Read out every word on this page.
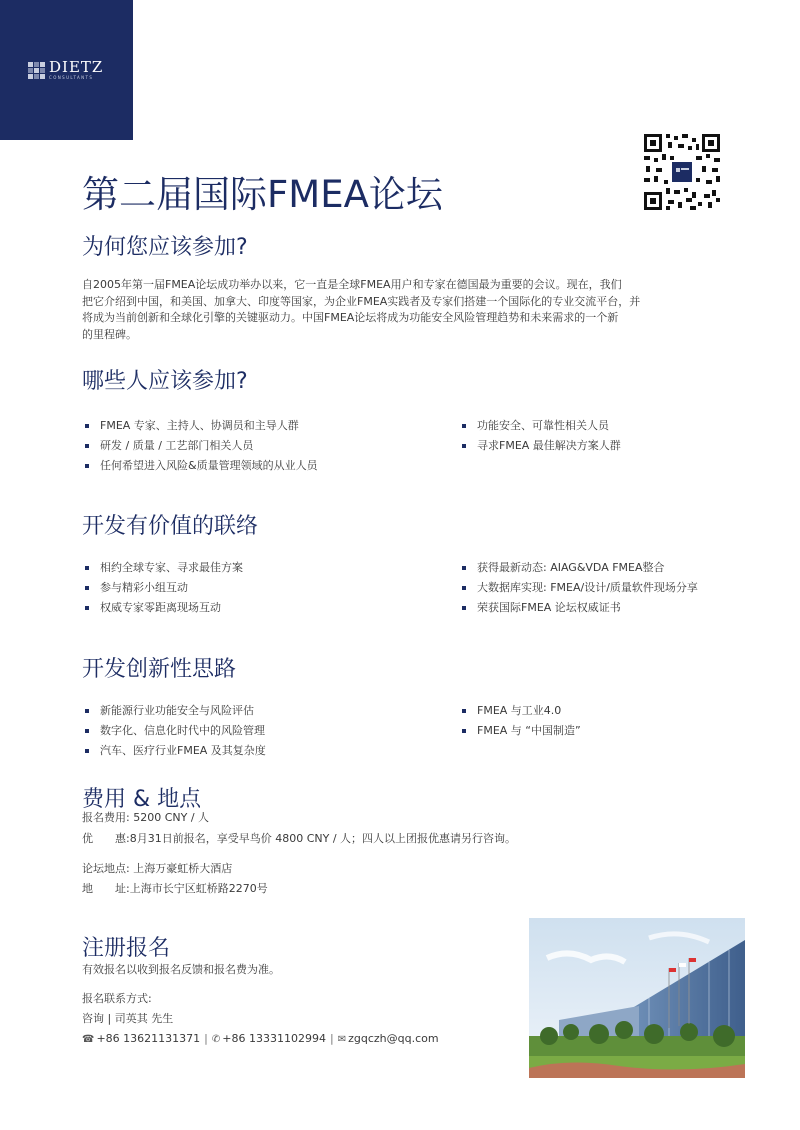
DIETZ
CONSULTANTS
第二届国际FMEA论坛
为何您应该参加?
自2005年第一届FMEA论坛成功举办以来，它一直是全球FMEA用户和专家在德国最为重要的会议。现在，我们
把它介绍到中国，和美国、加拿大、印度等国家，为企业FMEA实践者及专家们搭建一个国际化的专业交流平台，并
将成为当前创新和全球化引擎的关键驱动力。中国FMEA论坛将成为功能安全风险管理趋势和未来需求的一个新
的里程碑。
哪些人应该参加?
FMEA 专家、主持人、协调员和主导人群
研发 / 质量 / 工艺部门相关人员
任何希望进入风险&质量管理领域的从业人员
功能安全、可靠性相关人员
寻求FMEA 最佳解决方案人群
开发有价值的联络
相约全球专家、寻求最佳方案
参与精彩小组互动
权威专家零距离现场互动
获得最新动态: AIAG&VDA FMEA整合
大数据库实现: FMEA/设计/质量软件现场分享
荣获国际FMEA 论坛权威证书
开发创新性思路
新能源行业功能安全与风险评估
数字化、信息化时代中的风险管理
汽车、医疗行业FMEA 及其复杂度
FMEA 与工业4.0
FMEA 与 “中国制造”
费用 & 地点
报名费用: 5200 CNY / 人
优　　惠:8月31日前报名，享受早鸟价 4800 CNY / 人；四人以上团报优惠请另行咨询。
论坛地点: 上海万豪虹桥大酒店
地　　址:上海市长宁区虹桥路2270号
注册报名
有效报名以收到报名反馈和报名费为准。
报名联系方式:
咨询 | 司英其 先生
☎ +86 13621131371 | ✆ +86 13331102994 | ✉ zgqczh@qq.com
